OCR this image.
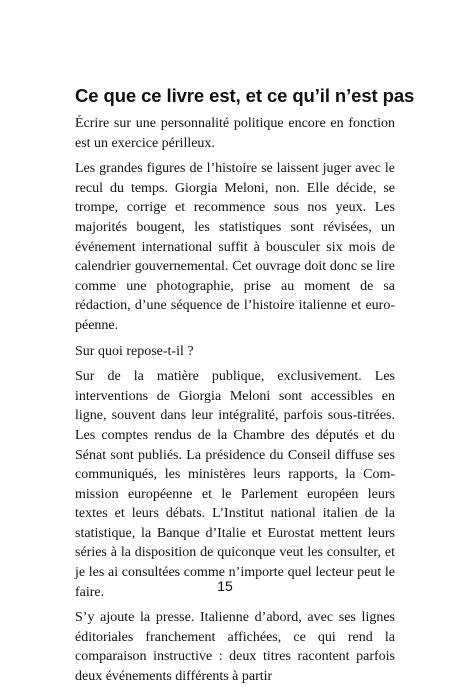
Ce que ce livre est, et ce qu’il n’est pas

Écrire sur une personnalité politique encore en fonction est un exercice périlleux.

Les grandes figures de l’histoire se laissent juger avec le recul du temps. Giorgia Meloni, non. Elle décide, se trompe, corrige et recommence sous nos yeux. Les majorités bougent, les statistiques sont révisées, un événement international suffit à bousculer six mois de calendrier gouvernemental. Cet ouvrage doit donc se lire comme une photographie, prise au moment de sa rédaction, d’une séquence de l’histoire italienne et européenne.

Sur quoi repose-t-il ?

Sur de la matière publique, exclusivement. Les interventions de Giorgia Meloni sont accessibles en ligne, souvent dans leur intégralité, parfois sous-titrées. Les comptes rendus de la Chambre des députés et du Sénat sont publiés. La présidence du Conseil diffuse ses communiqués, les ministères leurs rapports, la Commission européenne et le Parlement européen leurs textes et leurs débats. L’Institut national italien de la statistique, la Banque d’Italie et Eurostat mettent leurs séries à la disposition de quiconque veut les consulter, et je les ai consultées comme n’importe quel lecteur peut le faire.

S’y ajoute la presse. Italienne d’abord, avec ses lignes éditoriales franchement affichées, ce qui rend la comparaison instructive : deux titres racontent parfois deux événements différents à partir

15
